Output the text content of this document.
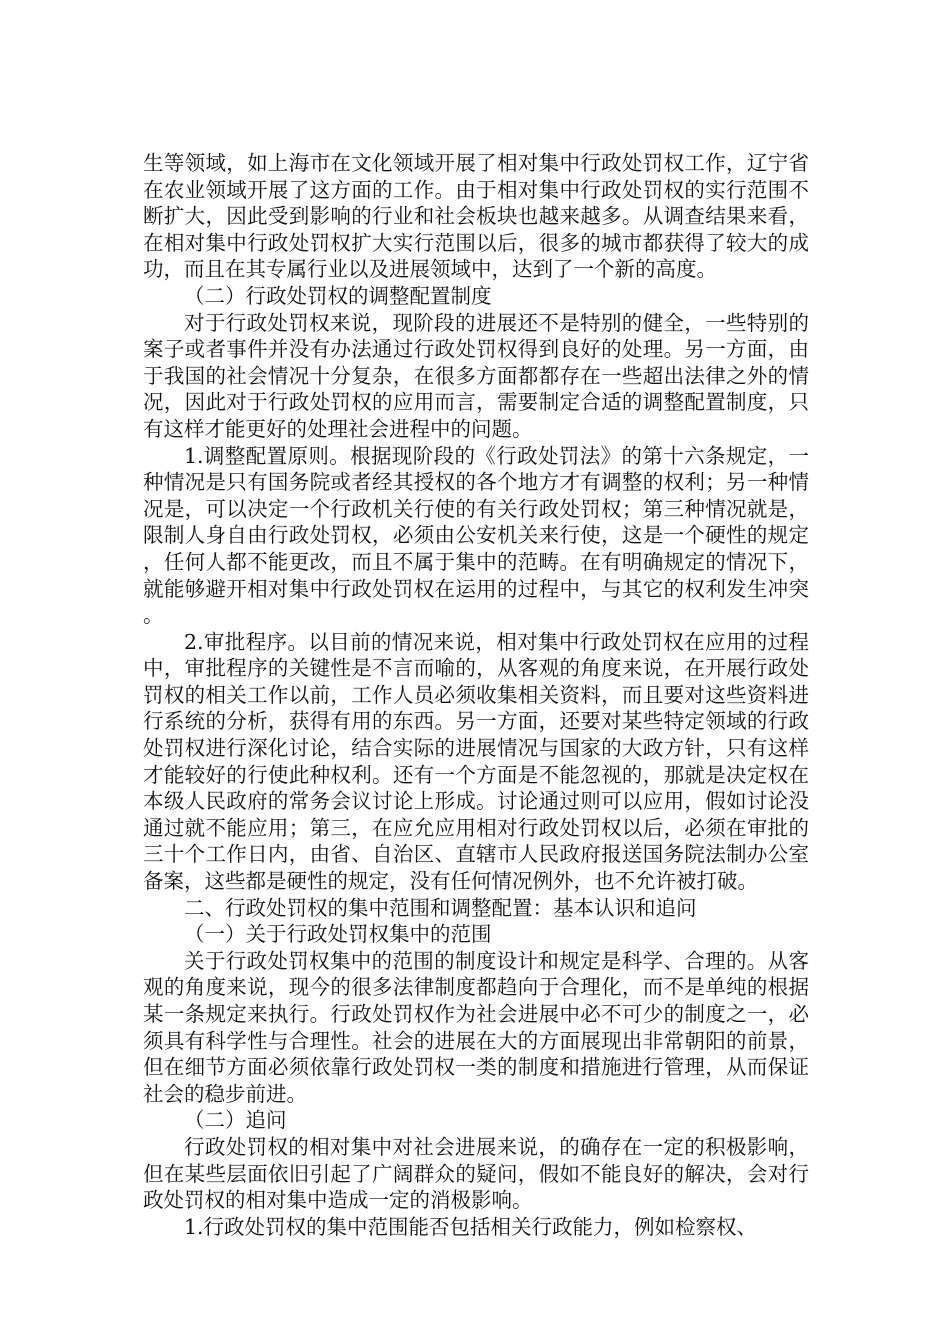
生等领域，如上海市在文化领域开展了相对集中行政处罚权工作，辽宁省在农业领域开展了这方面的工作。由于相对集中行政处罚权的实行范围不断扩大，因此受到影响的行业和社会板块也越来越多。从调查结果来看，在相对集中行政处罚权扩大实行范围以后，很多的城市都获得了较大的成功，而且在其专属行业以及进展领域中，达到了一个新的高度。

（二）行政处罚权的调整配置制度

对于行政处罚权来说，现阶段的进展还不是特别的健全，一些特别的案子或者事件并没有办法通过行政处罚权得到良好的处理。另一方面，由于我国的社会情况十分复杂，在很多方面都都存在一些超出法律之外的情况，因此对于行政处罚权的应用而言，需要制定合适的调整配置制度，只有这样才能更好的处理社会进程中的问题。

1.调整配置原则。根据现阶段的《行政处罚法》的第十六条规定，一种情况是只有国务院或者经其授权的各个地方才有调整的权利；另一种情况是，可以决定一个行政机关行使的有关行政处罚权；第三种情况就是，限制人身自由行政处罚权，必须由公安机关来行使，这是一个硬性的规定，任何人都不能更改，而且不属于集中的范畴。在有明确规定的情况下，就能够避开相对集中行政处罚权在运用的过程中，与其它的权利发生冲突。

2.审批程序。以目前的情况来说，相对集中行政处罚权在应用的过程中，审批程序的关键性是不言而喻的，从客观的角度来说，在开展行政处罚权的相关工作以前，工作人员必须收集相关资料，而且要对这些资料进行系统的分析，获得有用的东西。另一方面，还要对某些特定领域的行政处罚权进行深化讨论，结合实际的进展情况与国家的大政方针，只有这样才能较好的行使此种权利。还有一个方面是不能忽视的，那就是决定权在本级人民政府的常务会议讨论上形成。讨论通过则可以应用，假如讨论没通过就不能应用；第三，在应允应用相对行政处罚权以后，必须在审批的三十个工作日内，由省、自治区、直辖市人民政府报送国务院法制办公室备案，这些都是硬性的规定，没有任何情况例外，也不允许被打破。

二、行政处罚权的集中范围和调整配置：基本认识和追问

（一）关于行政处罚权集中的范围

关于行政处罚权集中的范围的制度设计和规定是科学、合理的。从客观的角度来说，现今的很多法律制度都趋向于合理化，而不是单纯的根据某一条规定来执行。行政处罚权作为社会进展中必不可少的制度之一，必须具有科学性与合理性。社会的进展在大的方面展现出非常朝阳的前景，但在细节方面必须依靠行政处罚权一类的制度和措施进行管理，从而保证社会的稳步前进。

（二）追问

行政处罚权的相对集中对社会进展来说，的确存在一定的积极影响，但在某些层面依旧引起了广阔群众的疑问，假如不能良好的解决，会对行政处罚权的相对集中造成一定的消极影响。

1.行政处罚权的集中范围能否包括相关行政能力，例如检察权、
